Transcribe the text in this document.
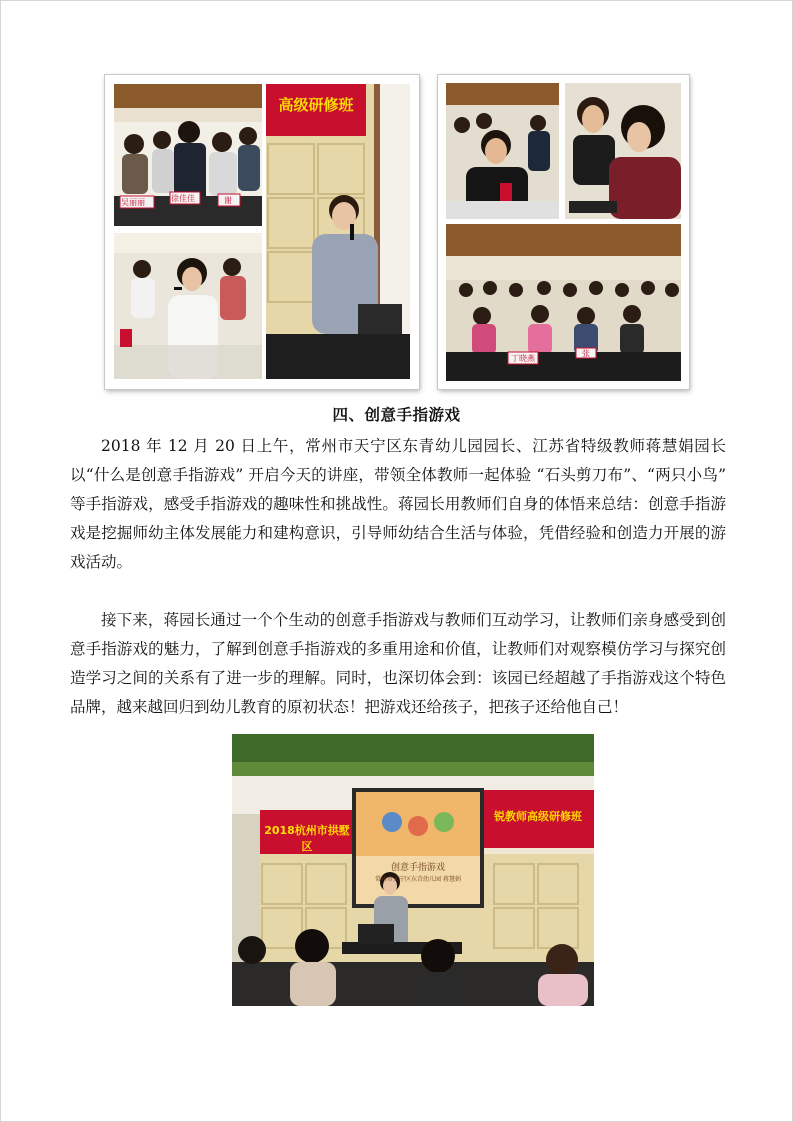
吴丽丽	徐佳佳	谢
高级研修班
丁晓燕
张
四、创意手指游戏

2018 年 12 月 20 日上午，常州市天宁区东青幼儿园园长、江苏省特级教师蒋慧娟园长以“什么是创意手指游戏” 开启今天的讲座，带领全体教师一起体验 “石头剪刀布”、“两只小鸟” 等手指游戏，感受手指游戏的趣味性和挑战性。蒋园长用教师们自身的体悟来总结：创意手指游戏是挖掘师幼主体发展能力和建构意识，引导师幼结合生活与体验，凭借经验和创造力开展的游戏活动。

接下来，蒋园长通过一个个生动的创意手指游戏与教师们互动学习，让教师们亲身感受到创意手指游戏的魅力，了解到创意手指游戏的多重用途和价值，让教师们对观察模仿学习与探究创造学习之间的关系有了进一步的理解。同时，也深切体会到：该园已经超越了手指游戏这个特色品牌，越来越回归到幼儿教育的原初状态！把游戏还给孩子，把孩子还给他自己！

2018杭州市拱墅区
锐教师高级研修班
创意手指游戏
常州市天宁区东青幼儿园 蒋慧娟
